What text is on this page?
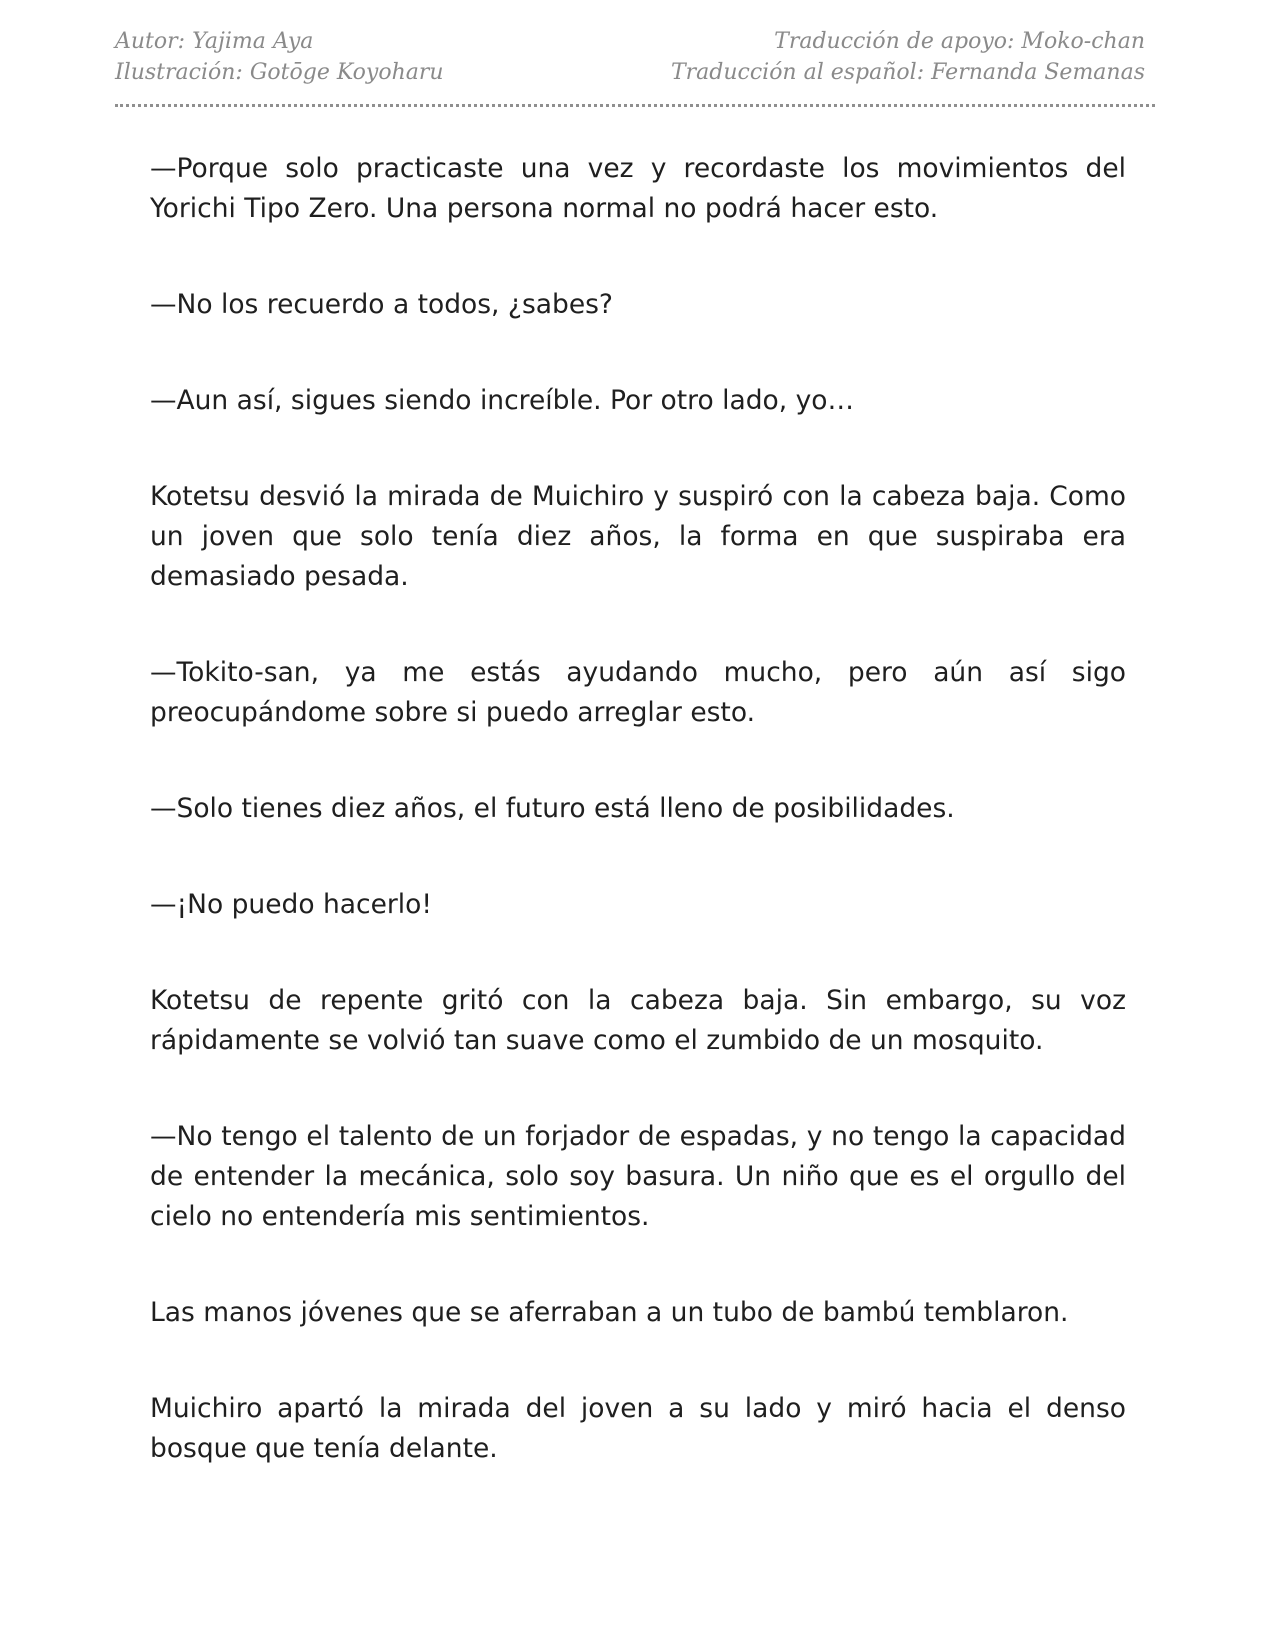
Autor: Yajima Aya	Traducción de apoyo: Moko-chan
Ilustración: Gotōge Koyoharu	Traducción al español: Fernanda Semanas

—Porque solo practicaste una vez y recordaste los movimientos del Yorichi Tipo Zero. Una persona normal no podrá hacer esto.

—No los recuerdo a todos, ¿sabes?

—Aun así, sigues siendo increíble. Por otro lado, yo…

Kotetsu desvió la mirada de Muichiro y suspiró con la cabeza baja. Como un joven que solo tenía diez años, la forma en que suspiraba era demasiado pesada.

—Tokito-san, ya me estás ayudando mucho, pero aún así sigo preocupándome sobre si puedo arreglar esto.

—Solo tienes diez años, el futuro está lleno de posibilidades.

—¡No puedo hacerlo!

Kotetsu de repente gritó con la cabeza baja. Sin embargo, su voz rápidamente se volvió tan suave como el zumbido de un mosquito.

—No tengo el talento de un forjador de espadas, y no tengo la capacidad de entender la mecánica, solo soy basura. Un niño que es el orgullo del cielo no entendería mis sentimientos.

Las manos jóvenes que se aferraban a un tubo de bambú temblaron.

Muichiro apartó la mirada del joven a su lado y miró hacia el denso bosque que tenía delante.
